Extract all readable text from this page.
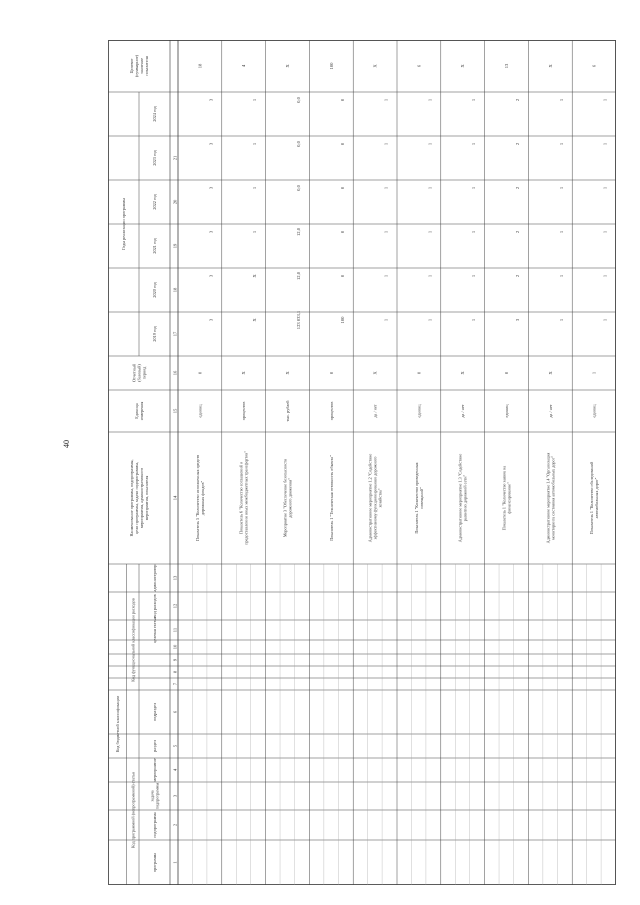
40
Годы реализации программы
2019 год
2020 год
2021 год
2022 год
2023 год
2024 год
Целевое(суммарное)значениепоказателя
Отчетный(базовый)период
Единицаизмерения
Наименование программы, подпрограммы,цели программы, задачи подпрограммы,мероприятия, административногомероприятия, показателя
Код бюджетной классификации
Код функциональной классификации расходов
Код программной (непрограммной) статьи
администратор
вид расходов
целевая статья
подраздел
раздел
мероприятие
задачаподпрограммы
подпрограмма
программа	1
2
3
4
5
6
7
8
9
10
11
12
13
14
15
16
17
18
19
20
21
Показатель 5 "Количество исполненных средствдорожных фондов"
единиц
0
3
3
3
3
3
3
18
Показатель 6 "Количество соглашений опредоставлении иных межбюджетных трансфертов"
процентов
Х
Х
Х
1
1
1
1
4
Мероприятие 3 "Обеспечение безопасностидорожного движения"
тыс. рублей
Х
123 033,1
12,0
12,0
0,0
0,0
0,0
Х
Показатель 1 "Техническая готовность объекта"
процентов
0
100
0
0
0
0
0
100
Административное мероприятие 1.2 "Содействиеэффективному функционированию дорожногохозяйства"
да / нет
Х
1
1
1
1
1
1
Х
Показатель 1 "Количество проведенныхсовещаний"
единиц
0
1
1
1
1
1
1
6
Административное мероприятие 1.3 "Содействиеразвитию дорожной сети"
да / нет
Х
1
1
1
1
1
1
Х
Показатель 1 "Количество заявок нафинансирование"
единиц
0
3
2
2
2
2
2
13
Административное мероприятие 1.4 "Организациямониторинга состояния автомобильных дорог"
да / нет
Х
1
1
1
1
1
1
Х
Показатель 1 "Количество обследованийавтомобильных дорог"
единиц
1
1
1
1
1
1
1
6
